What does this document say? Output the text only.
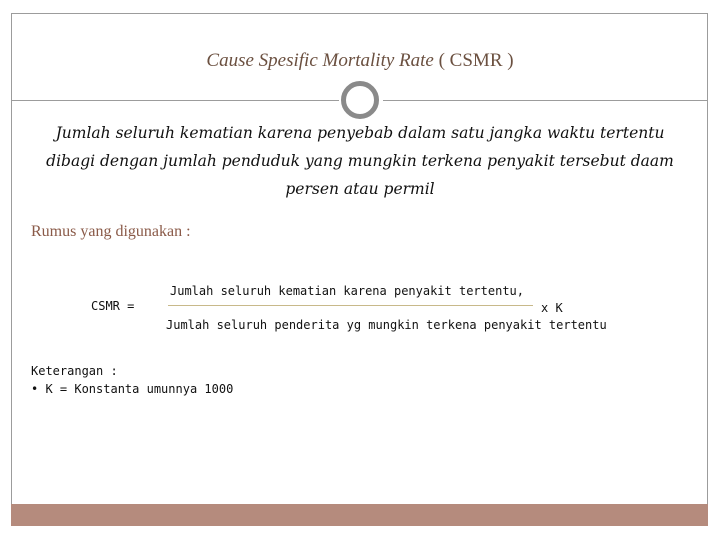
Cause Spesific Mortality Rate ( CSMR )
Jumlah seluruh kematian karena penyebab dalam satu jangka waktu tertentu dibagi dengan jumlah penduduk yang mungkin terkena penyakit tersebut daam persen atau permil
Rumus yang digunakan :
CSMR =
Jumlah seluruh kematian karena penyakit tertentu,
x K
Jumlah seluruh penderita yg mungkin terkena penyakit tertentu
Keterangan :
• K = Konstanta umunnya 1000
